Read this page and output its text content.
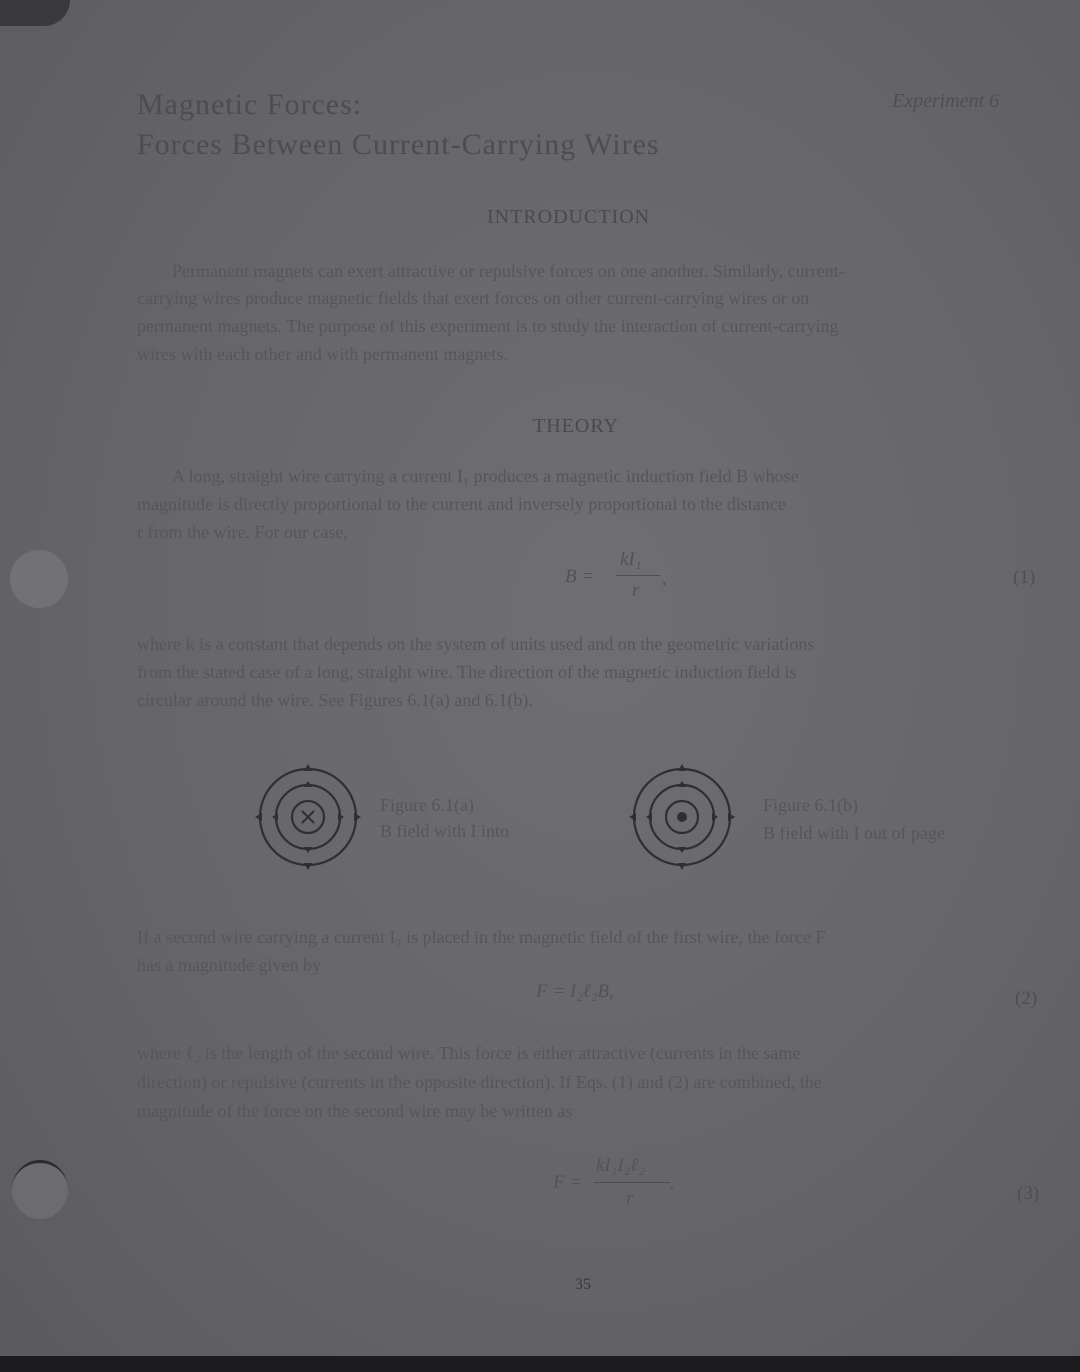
Magnetic Forces:
Forces Between Current-Carrying Wires
Experiment 6
INTRODUCTION
Permanent magnets can exert attractive or repulsive forces on one another. Similarly, current-
carrying wires produce magnetic fields that exert forces on other current-carrying wires or on
permanent magnets. The purpose of this experiment is to study the interaction of current-carrying
wires with each other and with permanent magnets.
THEORY
A long, straight wire carrying a current I₁ produces a magnetic induction field B whose
magnitude is directly proportional to the current and inversely proportional to the distance
r from the wire. For our case,
B =
kI₁
r
,	(1)
where k is a constant that depends on the system of units used and on the geometric variations
from the stated case of a long, straight wire. The direction of the magnetic induction field is
circular around the wire. See Figures 6.1(a) and 6.1(b).
Figure 6.1(a)
B field with I into
Figure 6.1(b)
B field with I out of page
If a second wire carrying a current I₂ is placed in the magnetic field of the first wire, the force F
has a magnitude given by
F = I₂ℓ₂B,	(2)
where ℓ₂ is the length of the second wire. This force is either attractive (currents in the same
direction) or repulsive (currents in the opposite direction). If Eqs. (1) and (2) are combined, the
magnitude of the force on the second wire may be written as
F =
kI₁I₂ℓ₂
r
.	(3)
35
